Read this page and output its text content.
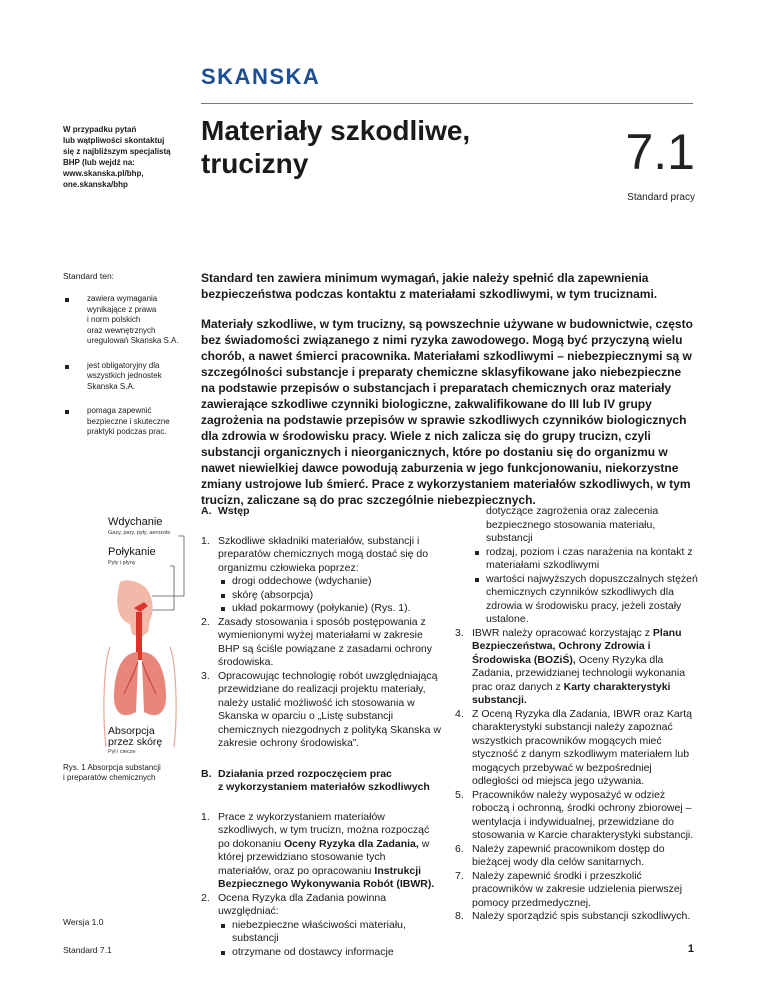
SKANSKA
W przypadku pytań
lub wątpliwości skontaktuj
się z najbliższym specjalistą
BHP (lub wejdź na:
www.skanska.pl/bhp,
one.skanska/bhp
Materiały szkodliwe,
trucizny	7.1
Standard pracy
Standard ten:
zawiera wymagania
wynikające z prawa
i norm polskich
oraz wewnętrznych
uregulowań Skanska S.A.
jest obligatoryjny dla
wszystkich jednostek
Skanska S.A.
pomaga zapewnić
bezpieczne i skuteczne
praktyki podczas prac.

Standard ten zawiera minimum wymagań, jakie należy spełnić dla zapewnienia bezpieczeństwa podczas kontaktu z materiałami szkodliwymi, w tym truciznami.

Materiały szkodliwe, w tym trucizny, są powszechnie używane w budownictwie, często bez świadomości związanego z nimi ryzyka zawodowego. Mogą być przyczyną wielu chorób, a nawet śmierci pracownika. Materiałami szkodliwymi – niebezpiecznymi są w szczególności substancje i preparaty chemiczne sklasyfikowane jako niebezpieczne na podstawie przepisów o substancjach i preparatach chemicznych oraz materiały zawierające szkodliwe czynniki biologiczne, zakwalifikowane do III lub IV grupy zagrożenia na podstawie przepisów w sprawie szkodliwych czynników biologicznych dla zdrowia w środowisku pracy. Wiele z nich zalicza się do grupy trucizn, czyli substancji organicznych i nieorganicznych, które po dostaniu się do organizmu w nawet niewielkiej dawce powodują zaburzenia w jego funkcjonowaniu, niekorzystne zmiany ustrojowe lub śmierć. Prace z wykorzystaniem materiałów szkodliwych, w tym trucizn, zaliczane są do prac szczególnie niebezpiecznych.

Wdychanie
Gazy, pary, pyły, aerozole
Połykanie
Pyły i płyny
Absorpcja
przez skórę
Pył i ciecze
Rys. 1 Absorpcja substancji
i preparatów chemicznych
Wersja 1.0
Standard 7.1	1
A. Wstęp
1. Szkodliwe składniki materiałów, substancji i preparatów chemicznych mogą dostać się do organizmu człowieka poprzez:
drogi oddechowe (wdychanie)
skórę (absorpcja)
układ pokarmowy (połykanie) (Rys. 1).
2. Zasady stosowania i sposób postępowania z wymienionymi wyżej materiałami w zakresie BHP są ściśle powiązane z zasadami ochrony środowiska.
3. Opracowując technologię robót uwzględniającą przewidziane do realizacji projektu materiały, należy ustalić możliwość ich stosowania w Skanska w oparciu o „Listę substancji chemicznych niezgodnych z polityką Skanska w zakresie ochrony środowiska”.
B. Działania przed rozpoczęciem prac
z wykorzystaniem materiałów szkodliwych
1. Prace z wykorzystaniem materiałów szkodliwych, w tym trucizn, można rozpocząć po dokonaniu Oceny Ryzyka dla Zadania, w której przewidziano stosowanie tych materiałów, oraz po opracowaniu Instrukcji Bezpiecznego Wykonywania Robót (IBWR).
2. Ocena Ryzyka dla Zadania powinna uwzględniać:
niebezpieczne właściwości materiału, substancji
otrzymane od dostawcy informacje
dotyczące zagrożenia oraz zalecenia bezpiecznego stosowania materiału, substancji
rodzaj, poziom i czas narażenia na kontakt z materiałami szkodliwymi
wartości najwyższych dopuszczalnych stężeń chemicznych czynników szkodliwych dla zdrowia w środowisku pracy, jeżeli zostały ustalone.
3. IBWR należy opracować korzystając z Planu Bezpieczeństwa, Ochrony Zdrowia i Środowiska (BOZiŚ), Oceny Ryzyka dla Zadania, przewidzianej technologii wykonania prac oraz danych z Karty charakterystyki substancji.
4. Z Oceną Ryzyka dla Zadania, IBWR oraz Kartą charakterystyki substancji należy zapoznać wszystkich pracowników mogących mieć styczność z danym szkodliwym materiałem lub mogących przebywać w bezpośredniej odległości od miejsca jego używania.
5. Pracowników należy wyposażyć w odzież roboczą i ochronną, środki ochrony zbiorowej – wentylacja i indywidualnej, przewidziane do stosowania w Karcie charakterystyki substancji.
6. Należy zapewnić pracownikom dostęp do bieżącej wody dla celów sanitarnych.
7. Należy zapewnić środki i przeszkolić pracowników w zakresie udzielenia pierwszej pomocy przedmedycznej.
8. Należy sporządzić spis substancji szkodliwych.
